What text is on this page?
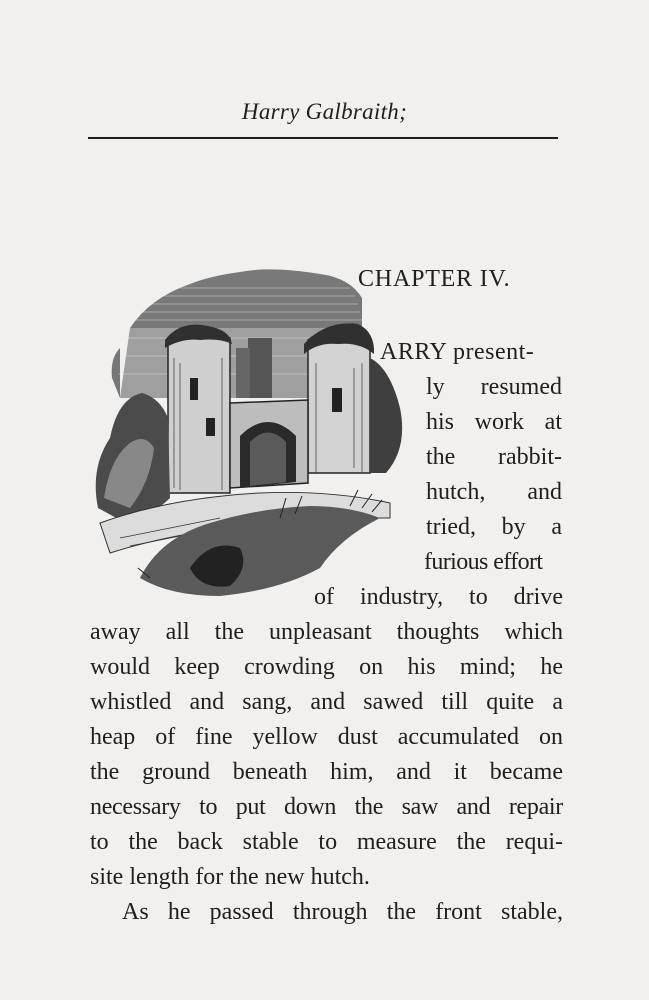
Harry Galbraith;
CHAPTER IV.
ARRY present-
ly resumed
his work at
the rabbit-
hutch, and
tried, by a
furious effort
of industry, to drive
away all the unpleasant thoughts which
would keep crowding on his mind; he
whistled and sang, and sawed till quite a
heap of fine yellow dust accumulated on
the ground beneath him, and it became
necessary to put down the saw and repair
to the back stable to measure the requi-
site length for the new hutch.
As he passed through the front stable,
